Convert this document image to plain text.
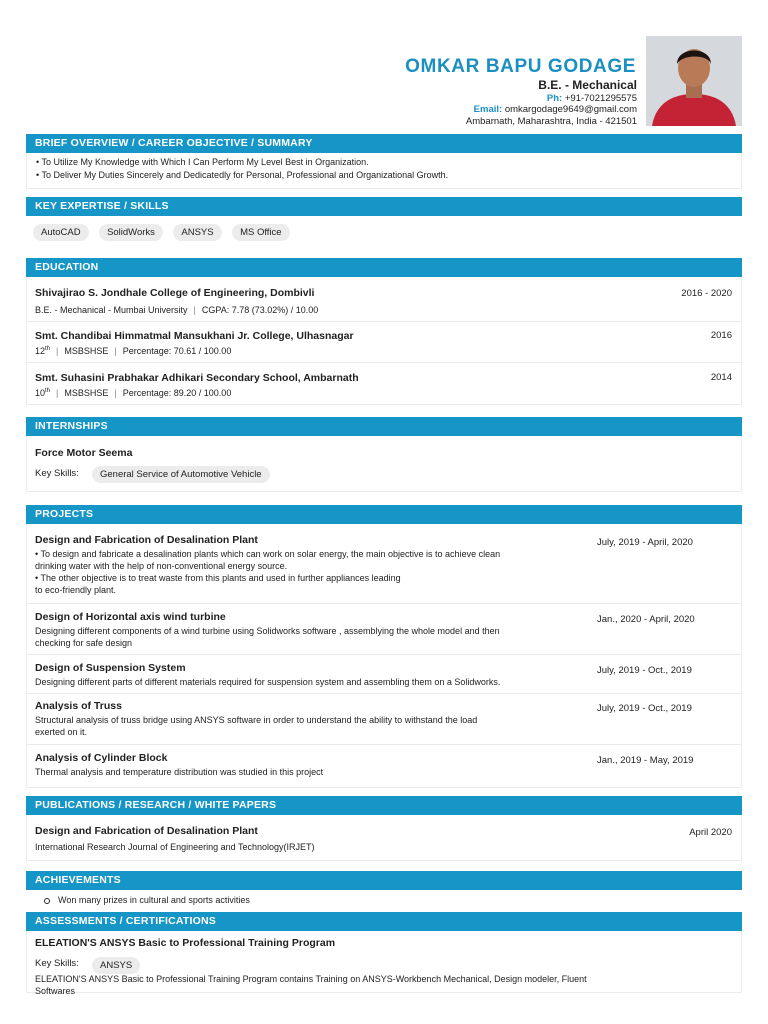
OMKAR BAPU GODAGE
B.E. - Mechanical
Ph: +91-7021295575
Email: omkargodage9649@gmail.com
Ambarnath, Maharashtra, India - 421501
BRIEF OVERVIEW / CAREER OBJECTIVE / SUMMARY
• To Utilize My Knowledge with Which I Can Perform My Level Best in Organization.
• To Deliver My Duties Sincerely and Dedicatedly for Personal, Professional and Organizational Growth.
KEY EXPERTISE / SKILLS
AutoCAD	SolidWorks	ANSYS	MS Office
EDUCATION
Shivajirao S. Jondhale College of Engineering, Dombivli	2016 - 2020
B.E. - Mechanical - Mumbai University | CGPA: 7.78 (73.02%) / 10.00
Smt. Chandibai Himmatmal Mansukhani Jr. College, Ulhasnagar	2016
12th | MSBSHSE | Percentage: 70.61 / 100.00
Smt. Suhasini Prabhakar Adhikari Secondary School, Ambarnath	2014
10th | MSBSHSE | Percentage: 89.20 / 100.00
INTERNSHIPS
Force Motor Seema
Key Skills:	General Service of Automotive Vehicle
PROJECTS
Design and Fabrication of Desalination Plant	July, 2019 - April, 2020
• To design and fabricate a desalination plants which can work on solar energy, the main objective is to achieve clean
drinking water with the help of non-conventional energy source.
• The other objective is to treat waste from this plants and used in further appliances leading
to eco-friendly plant.
Design of Horizontal axis wind turbine	Jan., 2020 - April, 2020
Designing different components of a wind turbine using Solidworks software , assemblying the whole model and then
checking for safe design
Design of Suspension System	July, 2019 - Oct., 2019
Designing different parts of different materials required for suspension system and assembling them on a Solidworks.
Analysis of Truss	July, 2019 - Oct., 2019
Structural analysis of truss bridge using ANSYS software in order to understand the ability to withstand the load
exerted on it.
Analysis of Cylinder Block	Jan., 2019 - May, 2019
Thermal analysis and temperature distribution was studied in this project
PUBLICATIONS / RESEARCH / WHITE PAPERS
Design and Fabrication of Desalination Plant	April 2020
International Research Journal of Engineering and Technology(IRJET)
ACHIEVEMENTS
Won many prizes in cultural and sports activities
ASSESSMENTS / CERTIFICATIONS
ELEATION'S ANSYS Basic to Professional Training Program
Key Skills:	ANSYS
ELEATION'S ANSYS Basic to Professional Training Program contains Training on ANSYS-Workbench Mechanical, Design modeler, Fluent
Softwares
